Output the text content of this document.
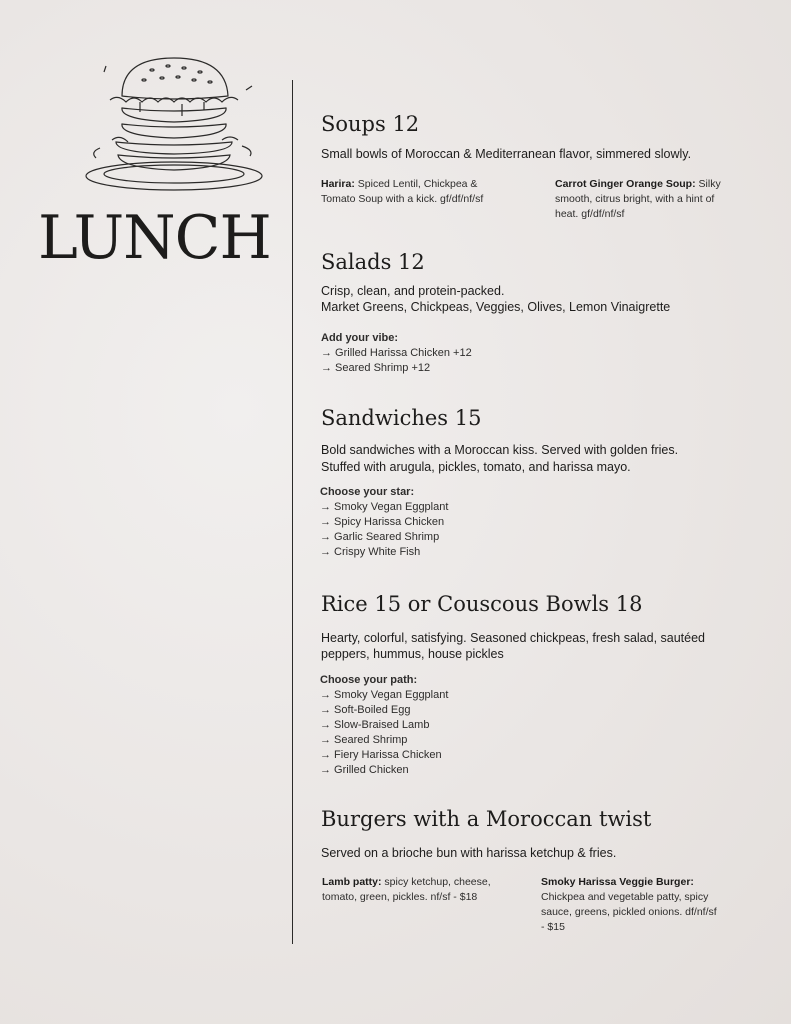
LUNCH
Soups 12
Small bowls of Moroccan & Mediterranean flavor, simmered slowly.
Harira: Spiced Lentil, Chickpea & Tomato Soup with a kick. gf/df/nf/sf
Carrot Ginger Orange Soup: Silky smooth, citrus bright, with a hint of heat. gf/df/nf/sf
Salads 12
Crisp, clean, and protein-packed.
Market Greens, Chickpeas, Veggies, Olives, Lemon Vinaigrette
Add your vibe:
→ Grilled Harissa Chicken +12
→ Seared Shrimp +12
Sandwiches 15
Bold sandwiches with a Moroccan kiss. Served with golden fries.
Stuffed with arugula, pickles, tomato, and harissa mayo.
Choose your star:
→ Smoky Vegan Eggplant
→ Spicy Harissa Chicken
→ Garlic Seared Shrimp
→ Crispy White Fish
Rice 15 or Couscous Bowls 18
Hearty, colorful, satisfying. Seasoned chickpeas, fresh salad, sautéed peppers, hummus, house pickles
Choose your path:
→ Smoky Vegan Eggplant
→ Soft-Boiled Egg
→ Slow-Braised Lamb
→ Seared Shrimp
→ Fiery Harissa Chicken
→ Grilled Chicken
Burgers with a Moroccan twist
Served on a brioche bun with harissa ketchup & fries.
Lamb patty: spicy ketchup, cheese, tomato, green, pickles. nf/sf - $18
Smoky Harissa Veggie Burger: Chickpea and vegetable patty, spicy sauce, greens, pickled onions. df/nf/sf - $15
